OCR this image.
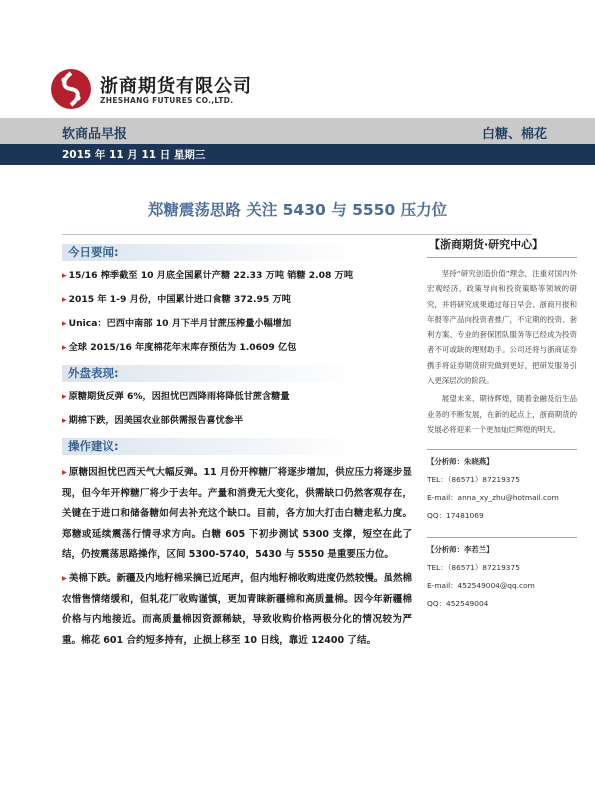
浙商期货有限公司
ZHESHANG FUTURES CO.,LTD.
软商品早报	白糖、棉花
2015 年 11 月 11 日 星期三
郑糖震荡思路 关注 5430 与 5550 压力位
今日要闻:
▸ 15/16 榨季截至 10 月底全国累计产糖 22.33 万吨 销糖 2.08 万吨
▸ 2015 年 1-9 月份，中国累计进口食糖 372.95 万吨
▸ Unica：巴西中南部 10 月下半月甘蔗压榨量小幅增加
▸ 全球 2015/16 年度棉花年末库存预估为 1.0609 亿包
外盘表现:
▸ 原糖期货反弹 6%，因担忧巴西降雨将降低甘蔗含糖量
▸ 期棉下跌，因美国农业部供需报告喜忧参半
操作建议:

▸ 原糖因担忧巴西天气大幅反弹。11 月份开榨糖厂将逐步增加，供应压力将逐步显现，但今年开榨糖厂将少于去年。产量和消费无大变化，供需缺口仍然客观存在，关键在于进口和储备糖如何去补充这个缺口。目前，各方加大打击白糖走私力度。郑糖或延续震荡行情寻求方向。白糖 605 下初步测试 5300 支撑，短空在此了结，仍按震荡思路操作，区间 5300-5740，5430 与 5550 是重要压力位。

▸ 美棉下跌。新疆及内地籽棉采摘已近尾声，但内地籽棉收购进度仍然较慢。虽然棉农惜售情绪缓和，但轧花厂收购谨慎，更加青睐新疆棉和高质量棉。因今年新疆棉价格与内地接近。而高质量棉因资源稀缺，导致收购价格两极分化的情况较为严重。棉花 601 合约短多持有，止损上移至 10 日线，靠近 12400 了结。

【浙商期货·研究中心】

坚持“研究创造价值”理念，注重对国内外宏观经济、政策导向和投资策略等领域的研究，并将研究成果通过每日早会、浙商月报和年报等产品向投资者推广，不定期的投资、套利方案、专业的套保团队服务等已经成为投资者不可或缺的理财助手。公司还将与浙商证券携手将证券期货研究做到更好，把研发服务引入更深层次的阶段。

展望未来、期待辉煌，随着金融及衍生品业务的不断发展，在新的起点上，浙商期货的发展必将迎来一个更加灿烂辉煌的明天。

【分析师：朱晓燕】
TEL：（86571）87219375
E-mail：anna_xy_zhu@hotmail.com
QQ：17481069
【分析师：李若兰】
TEL：（86571）87219375
E-mail：452549004@qq.com
QQ：452549004
